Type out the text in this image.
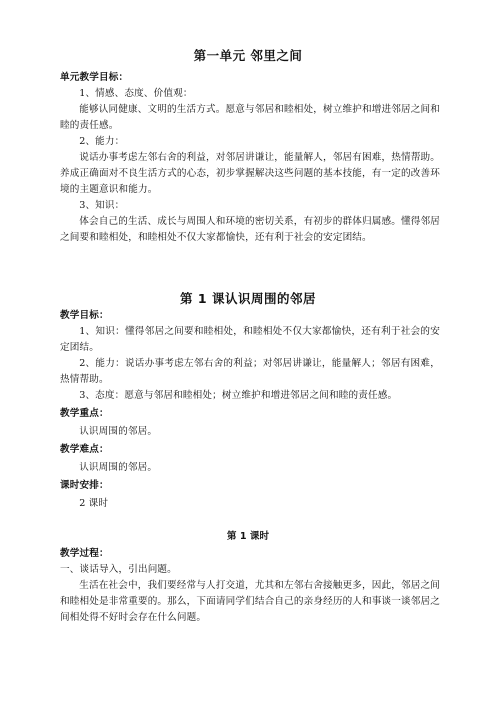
第一单元 邻里之间
单元教学目标：
1、情感、态度、价值观：
能够认同健康、文明的生活方式。愿意与邻居和睦相处，树立维护和增进邻居之间和睦的责任感。
2、能力：
说话办事考虑左邻右舍的利益，对邻居讲谦让，能量解人，邻居有困难，热情帮助。养成正确面对不良生活方式的心态，初步掌握解决这些问题的基本技能，有一定的改善环境的主题意识和能力。
3、知识：
体会自己的生活、成长与周围人和环境的密切关系，有初步的群体归属感。懂得邻居之间要和睦相处，和睦相处不仅大家都愉快，还有利于社会的安定团结。
第 1 课认识周围的邻居
教学目标：
1、知识：懂得邻居之间要和睦相处，和睦相处不仅大家都愉快，还有利于社会的安定团结。
2、能力：说话办事考虑左邻右舍的利益；对邻居讲谦让，能量解人；邻居有困难，热情帮助。
3、态度：愿意与邻居和睦相处；树立维护和增进邻居之间和睦的责任感。
教学重点：
认识周围的邻居。
教学难点：
认识周围的邻居。
课时安排：
2 课时
第 1 课时
教学过程：
一、谈话导入，引出问题。
生活在社会中，我们要经常与人打交道，尤其和左邻右舍接触更多，因此，邻居之间和睦相处是非常重要的。那么，下面请同学们结合自己的亲身经历的人和事谈一谈邻居之间相处得不好时会存在什么问题。
